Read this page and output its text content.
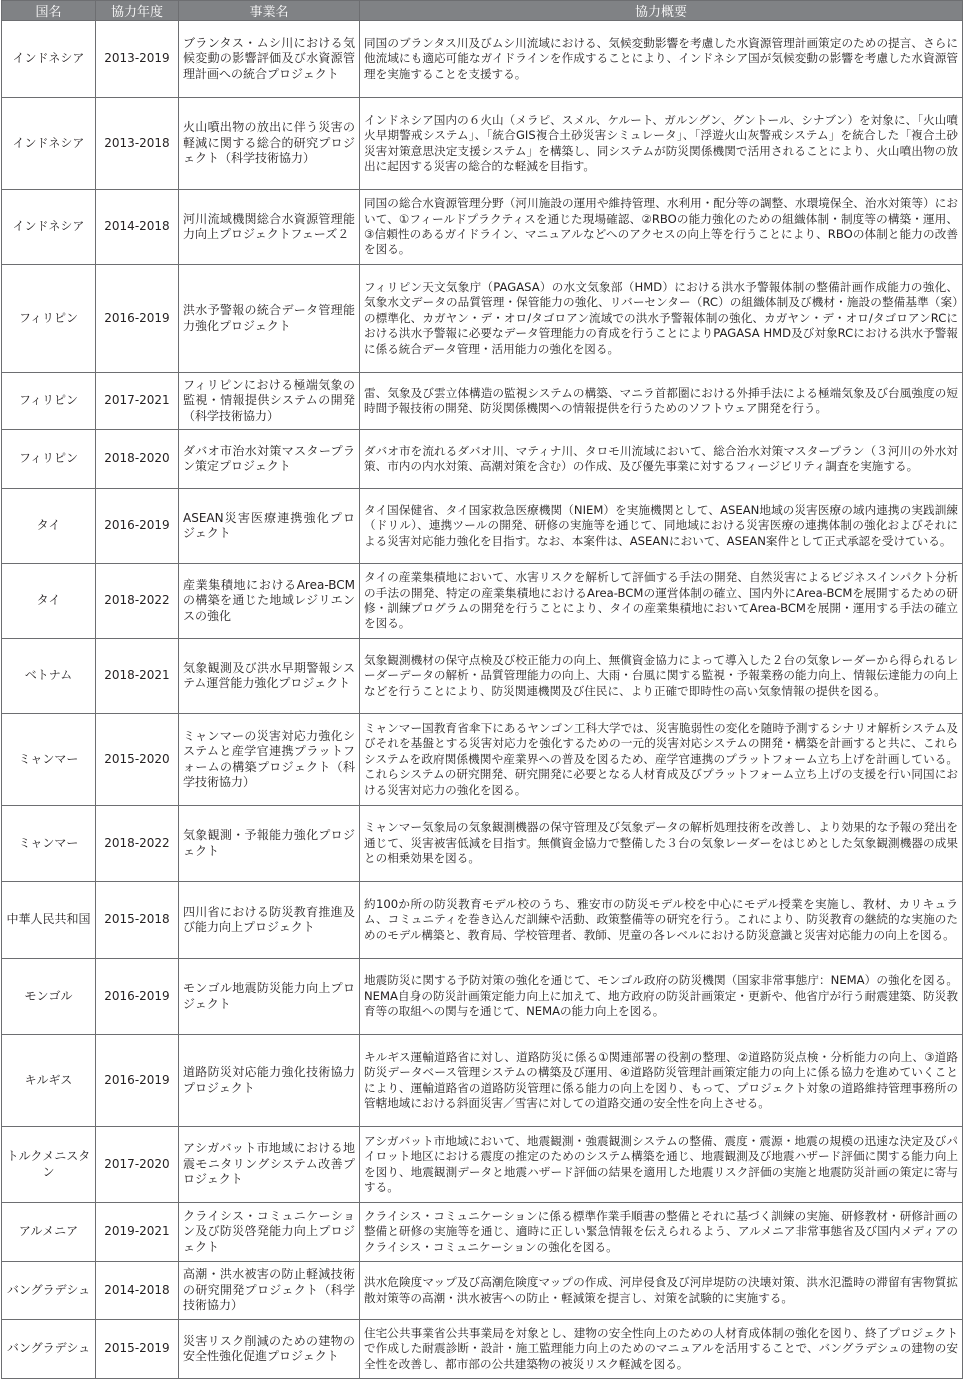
国名	協力年度	事業名	協力概要
インドネシア	2013-2019	ブランタス・ムシ川における気候変動の影響評価及び水資源管理計画への統合プロジェクト	同国のブランタス川及びムシ川流域における、気候変動影響を考慮した水資源管理計画策定のための提言、さらに他流域にも適応可能なガイドラインを作成することにより、インドネシア国が気候変動の影響を考慮した水資源管理を実施することを支援する。
インドネシア	2013-2018	火山噴出物の放出に伴う災害の軽減に関する総合的研究プロジェクト（科学技術協力）	インドネシア国内の６火山（メラピ、スメル、ケルート、ガルングン、グントール、シナブン）を対象に、「火山噴火早期警戒システム」、「統合GIS複合土砂災害シミュレータ」、「浮遊火山灰警戒システム」を統合した「複合土砂災害対策意思決定支援システム」を構築し、同システムが防災関係機関で活用されることにより、火山噴出物の放出に起因する災害の総合的な軽減を目指す。
インドネシア	2014-2018	河川流域機関総合水資源管理能力向上プロジェクトフェーズ２	同国の総合水資源管理分野（河川施設の運用や維持管理、水利用・配分等の調整、水環境保全、治水対策等）において、①フィールドプラクティスを通じた現場確認、②RBOの能力強化のための組織体制・制度等の構築・運用、③信頼性のあるガイドライン、マニュアルなどへのアクセスの向上等を行うことにより、RBOの体制と能力の改善を図る。
フィリピン	2016-2019	洪水予警報の統合データ管理能力強化プロジェクト	フィリピン天文気象庁（PAGASA）の水文気象部（HMD）における洪水予警報体制の整備計画作成能力の強化、気象水文データの品質管理・保管能力の強化、リバーセンター（RC）の組織体制及び機材・施設の整備基準（案）の標準化、カガヤン・デ・オロ/タゴロアン流域での洪水予警報体制の強化、カガヤン・デ・オロ/タゴロアンRCにおける洪水予警報に必要なデータ管理能力の育成を行うことによりPAGASA HMD及び対象RCにおける洪水予警報に係る統合データ管理・活用能力の強化を図る。
フィリピン	2017-2021	フィリピンにおける極端気象の監視・情報提供システムの開発（科学技術協力）	雷、気象及び雲立体構造の監視システムの構築、マニラ首都圏における外挿手法による極端気象及び台風強度の短時間予報技術の開発、防災関係機関への情報提供を行うためのソフトウェア開発を行う。
フィリピン	2018-2020	ダバオ市治水対策マスタープラン策定プロジェクト	ダバオ市を流れるダバオ川、マティナ川、タロモ川流域において、総合治水対策マスタープラン（３河川の外水対策、市内の内水対策、高潮対策を含む）の作成、及び優先事業に対するフィージビリティ調査を実施する。
タイ	2016-2019	ASEAN災害医療連携強化プロジェクト	タイ国保健省、タイ国家救急医療機関（NIEM）を実施機関として、ASEAN地域の災害医療の域内連携の実践訓練（ドリル）、連携ツールの開発、研修の実施等を通じて、同地域における災害医療の連携体制の強化およびそれによる災害対応能力強化を目指す。なお、本案件は、ASEANにおいて、ASEAN案件として正式承認を受けている。
タイ	2018-2022	産業集積地におけるArea-BCMの構築を通じた地域レジリエンスの強化	タイの産業集積地において、水害リスクを解析して評価する手法の開発、自然災害によるビジネスインパクト分析の手法の開発、特定の産業集積地におけるArea-BCMの運営体制の確立、国内外にArea-BCMを展開するための研修・訓練プログラムの開発を行うことにより、タイの産業集積地においてArea-BCMを展開・運用する手法の確立を図る。
ベトナム	2018-2021	気象観測及び洪水早期警報システム運営能力強化プロジェクト	気象観測機材の保守点検及び校正能力の向上、無償資金協力によって導入した２台の気象レーダーから得られるレーダーデータの解析・品質管理能力の向上、大雨・台風に関する監視・予報業務の能力向上、情報伝達能力の向上などを行うことにより、防災関連機関及び住民に、より正確で即時性の高い気象情報の提供を図る。
ミャンマー	2015-2020	ミャンマーの災害対応力強化システムと産学官連携プラットフォームの構築プロジェクト（科学技術協力）	ミャンマー国教育省傘下にあるヤンゴン工科大学では、災害脆弱性の変化を随時予測するシナリオ解析システム及びそれを基盤とする災害対応力を強化するための一元的災害対応システムの開発・構築を計画すると共に、これらシステムを政府関係機関や産業界への普及を図るため、産学官連携のプラットフォーム立ち上げを計画している。これらシステムの研究開発、研究開発に必要となる人材育成及びプラットフォーム立ち上げの支援を行い同国における災害対応力の強化を図る。
ミャンマー	2018-2022	気象観測・予報能力強化プロジェクト	ミャンマー気象局の気象観測機器の保守管理及び気象データの解析処理技術を改善し、より効果的な予報の発出を通じて、災害被害低減を目指す。無償資金協力で整備した３台の気象レーダーをはじめとした気象観測機器の成果との相乗効果を図る。
中華人民共和国	2015-2018	四川省における防災教育推進及び能力向上プロジェクト	約100か所の防災教育モデル校のうち、雅安市の防災モデル校を中心にモデル授業を実施し、教材、カリキュラム、コミュニティを巻き込んだ訓練や活動、政策整備等の研究を行う。これにより、防災教育の継続的な実施のためのモデル構築と、教育局、学校管理者、教師、児童の各レベルにおける防災意識と災害対応能力の向上を図る。
モンゴル	2016-2019	モンゴル地震防災能力向上プロジェクト	地震防災に関する予防対策の強化を通じて、モンゴル政府の防災機関（国家非常事態庁：NEMA）の強化を図る。NEMA自身の防災計画策定能力向上に加えて、地方政府の防災計画策定・更新や、他省庁が行う耐震建築、防災教育等の取組への関与を通じて、NEMAの能力向上を図る。
キルギス	2016-2019	道路防災対応能力強化技術協力プロジェクト	キルギス運輸道路省に対し、道路防災に係る①関連部署の役割の整理、②道路防災点検・分析能力の向上、③道路防災データベース管理システムの構築及び運用、④道路防災管理計画策定能力の向上に係る協力を進めていくことにより、運輸道路省の道路防災管理に係る能力の向上を図り、もって、プロジェクト対象の道路維持管理事務所の管轄地域における斜面災害／雪害に対しての道路交通の安全性を向上させる。
トルクメニスタン	2017-2020	アシガバット市地域における地震モニタリングシステム改善プロジェクト	アシガバット市地域において、地震観測・強震観測システムの整備、震度・震源・地震の規模の迅速な決定及びパイロット地区における震度の推定のためのシステム構築を通じ、地震観測及び地震ハザード評価に関する能力向上を図り、地震観測データと地震ハザード評価の結果を適用した地震リスク評価の実施と地震防災計画の策定に寄与する。
アルメニア	2019-2021	クライシス・コミュニケーション及び防災啓発能力向上プロジェクト	クライシス・コミュニケーションに係る標準作業手順書の整備とそれに基づく訓練の実施、研修教材・研修計画の整備と研修の実施等を通じ、適時に正しい緊急情報を伝えられるよう、アルメニア非常事態省及び国内メディアのクライシス・コミュニケーションの強化を図る。
バングラデシュ	2014-2018	高潮・洪水被害の防止軽減技術の研究開発プロジェクト（科学技術協力）	洪水危険度マップ及び高潮危険度マップの作成、河岸侵食及び河岸堤防の決壊対策、洪水氾濫時の滞留有害物質拡散対策等の高潮・洪水被害への防止・軽減策を提言し、対策を試験的に実施する。
バングラデシュ	2015-2019	災害リスク削減のための建物の安全性強化促進プロジェクト	住宅公共事業省公共事業局を対象とし、建物の安全性向上のための人材育成体制の強化を図り、終了プロジェクトで作成した耐震診断・設計・施工監理能力向上のためのマニュアルを活用することで、バングラデシュの建物の安全性を改善し、都市部の公共建築物の被災リスク軽減を図る。
